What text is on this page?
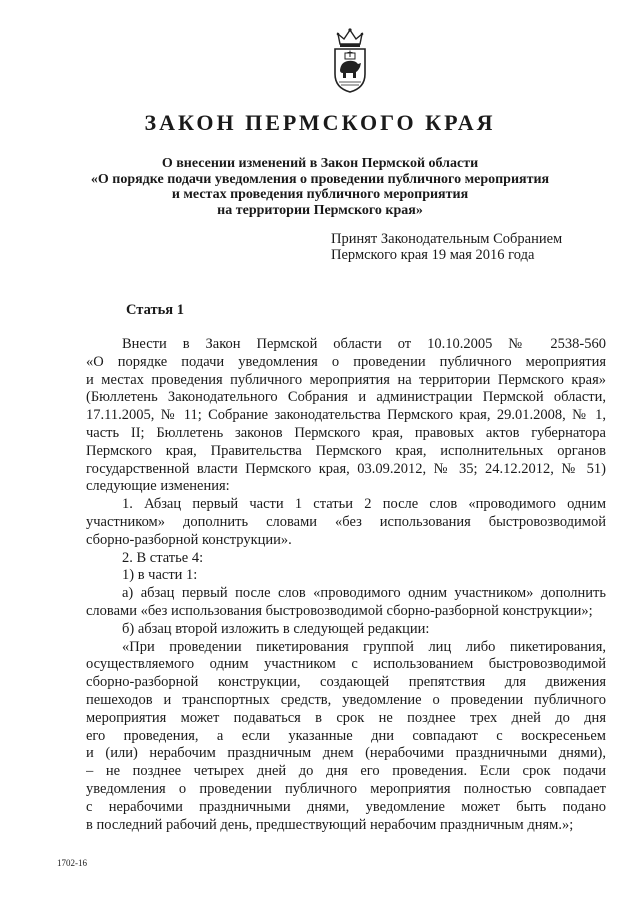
ЗАКОН ПЕРМСКОГО КРАЯ
О внесении изменений в Закон Пермской области
«О порядке подачи уведомления о проведении публичного мероприятия
и местах проведения публичного мероприятия
на территории Пермского края»
Принят Законодательным Собранием
Пермского края 19 мая 2016 года
Статья 1
Внести в Закон Пермской области от 10.10.2005 № 2538-560
«О порядке подачи уведомления о проведении публичного мероприятия
и местах проведения публичного мероприятия на территории Пермского края»
(Бюллетень Законодательного Собрания и администрации Пермской области,
17.11.2005, № 11; Собрание законодательства Пермского края, 29.01.2008, № 1,
часть II; Бюллетень законов Пермского края, правовых актов губернатора
Пермского края, Правительства Пермского края, исполнительных органов
государственной власти Пермского края, 03.09.2012, № 35; 24.12.2012, № 51)
следующие изменения:
1. Абзац первый части 1 статьи 2 после слов «проводимого одним
участником» дополнить словами «без использования быстровозводимой
сборно-разборной конструкции».
2. В статье 4:
1) в части 1:
а) абзац первый после слов «проводимого одним участником» дополнить
словами «без использования быстровозводимой сборно-разборной конструкции»;
б) абзац второй изложить в следующей редакции:
«При проведении пикетирования группой лиц либо пикетирования,
осуществляемого одним участником с использованием быстровозводимой
сборно-разборной конструкции, создающей препятствия для движения
пешеходов и транспортных средств, уведомление о проведении публичного
мероприятия может подаваться в срок не позднее трех дней до дня
его проведения, а если указанные дни совпадают с воскресеньем
и (или) нерабочим праздничным днем (нерабочими праздничными днями),
– не позднее четырех дней до дня его проведения. Если срок подачи
уведомления о проведении публичного мероприятия полностью совпадает
с нерабочими праздничными днями, уведомление может быть подано
в последний рабочий день, предшествующий нерабочим праздничным дням.»;
1702-16
